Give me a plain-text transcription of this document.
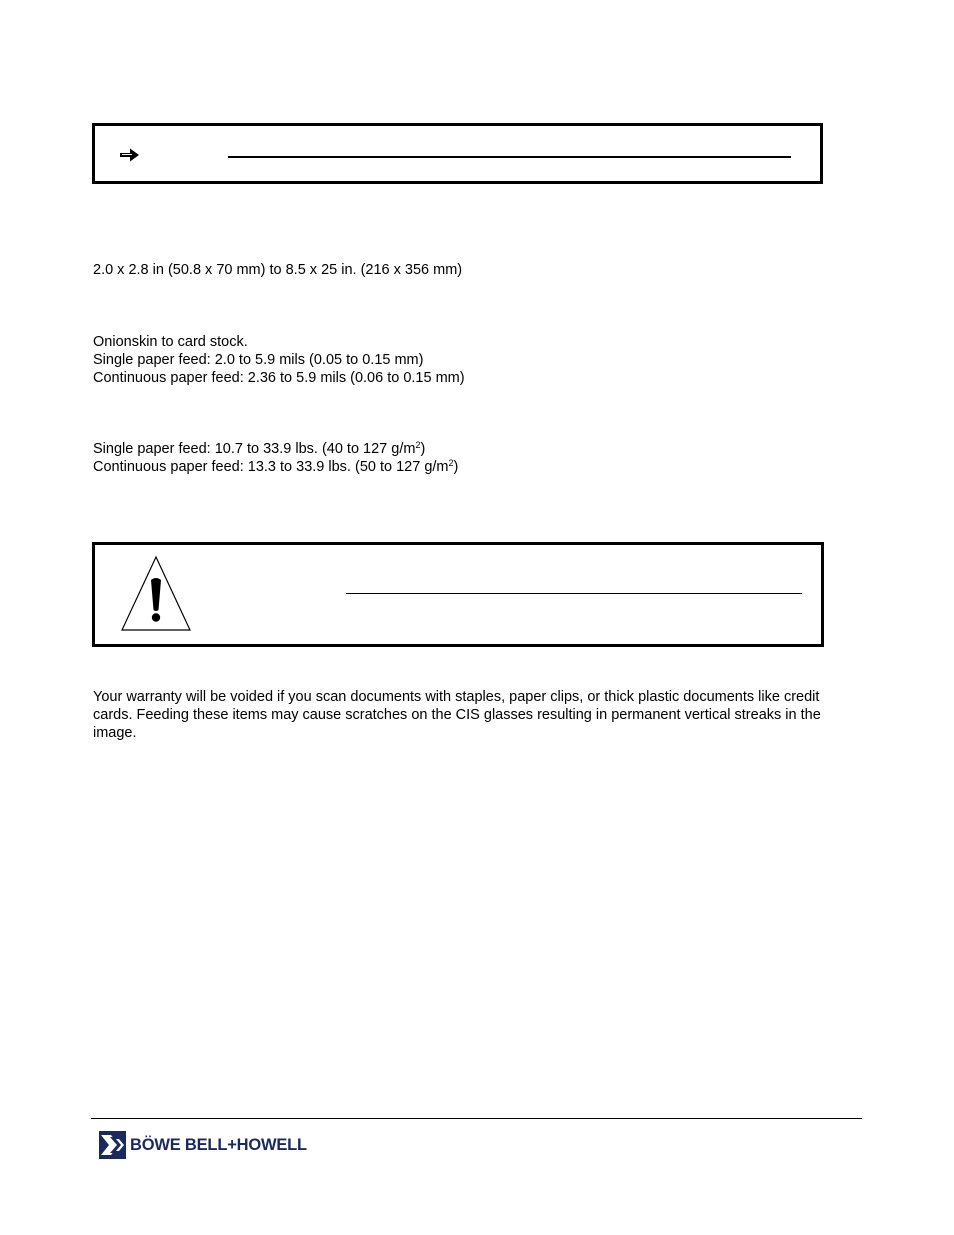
2.0 x 2.8 in (50.8 x 70 mm) to 8.5 x 25 in. (216 x 356 mm)
Onionskin to card stock.
Single paper feed: 2.0 to 5.9 mils (0.05 to 0.15 mm)
Continuous paper feed: 2.36 to 5.9 mils (0.06 to 0.15 mm)
Single paper feed: 10.7 to 33.9 lbs. (40 to 127 $g/m^2$)
Continuous paper feed: 13.3 to 33.9 lbs. (50 to 127 $g/m^2$)
Your warranty will be voided if you scan documents with staples, paper clips, or thick plastic documents like credit cards. Feeding these items may cause scratches on the CIS glasses resulting in permanent vertical streaks in the image.
BÖWE BELL+HOWELL
